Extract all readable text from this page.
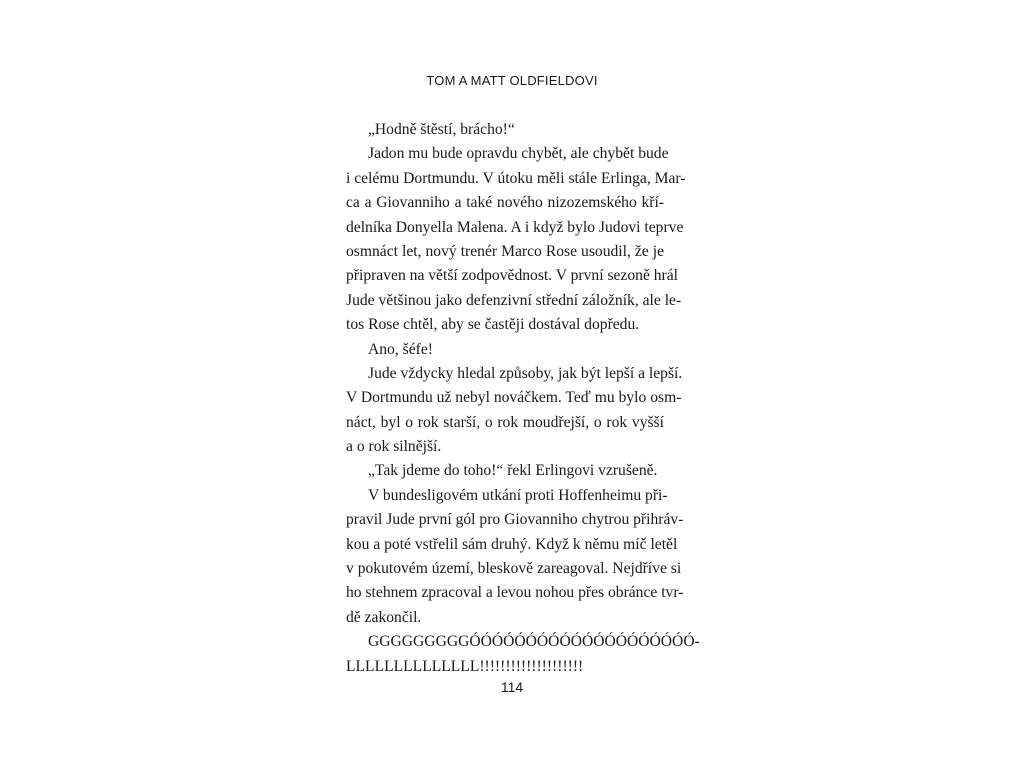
TOM A MATT OLDFIELDOVI
„Hodně štěstí, brácho!“
Jadon mu bude opravdu chybět, ale chybět bude
i celému Dortmundu. V útoku měli stále Erlinga, Mar-
ca a Giovanniho a také nového nizozemského kří-
delníka Donyella Malena. A i když bylo Judovi teprve
osmnáct let, nový trenér Marco Rose usoudil, že je
připraven na větší zodpovědnost. V první sezoně hrál
Jude většinou jako defenzivní střední záložník, ale le-
tos Rose chtěl, aby se častěji dostával dopředu.
Ano, šéfe!
Jude vždycky hledal způsoby, jak být lepší a lepší.
V Dortmundu už nebyl nováčkem. Teď mu bylo osm-
náct, byl o rok starší, o rok moudřejší, o rok vyšší
a o rok silnější.
„Tak jdeme do toho!“ řekl Erlingovi vzrušeně.
V bundesligovém utkání proti Hoffenheimu při-
pravil Jude první gól pro Giovanniho chytrou přihráv-
kou a poté vstřelil sám druhý. Když k němu míč letěl
v pokutovém území, bleskově zareagoval. Nejdříve si
ho stehnem zpracoval a levou nohou přes obránce tvr-
dě zakončil.
GGGGGGGGGÓÓÓÓÓÓÓÓÓÓÓÓÓÓÓÓÓÓÓÓ-
LLLLLLLLLLLLLL!!!!!!!!!!!!!!!!!!!!
114
